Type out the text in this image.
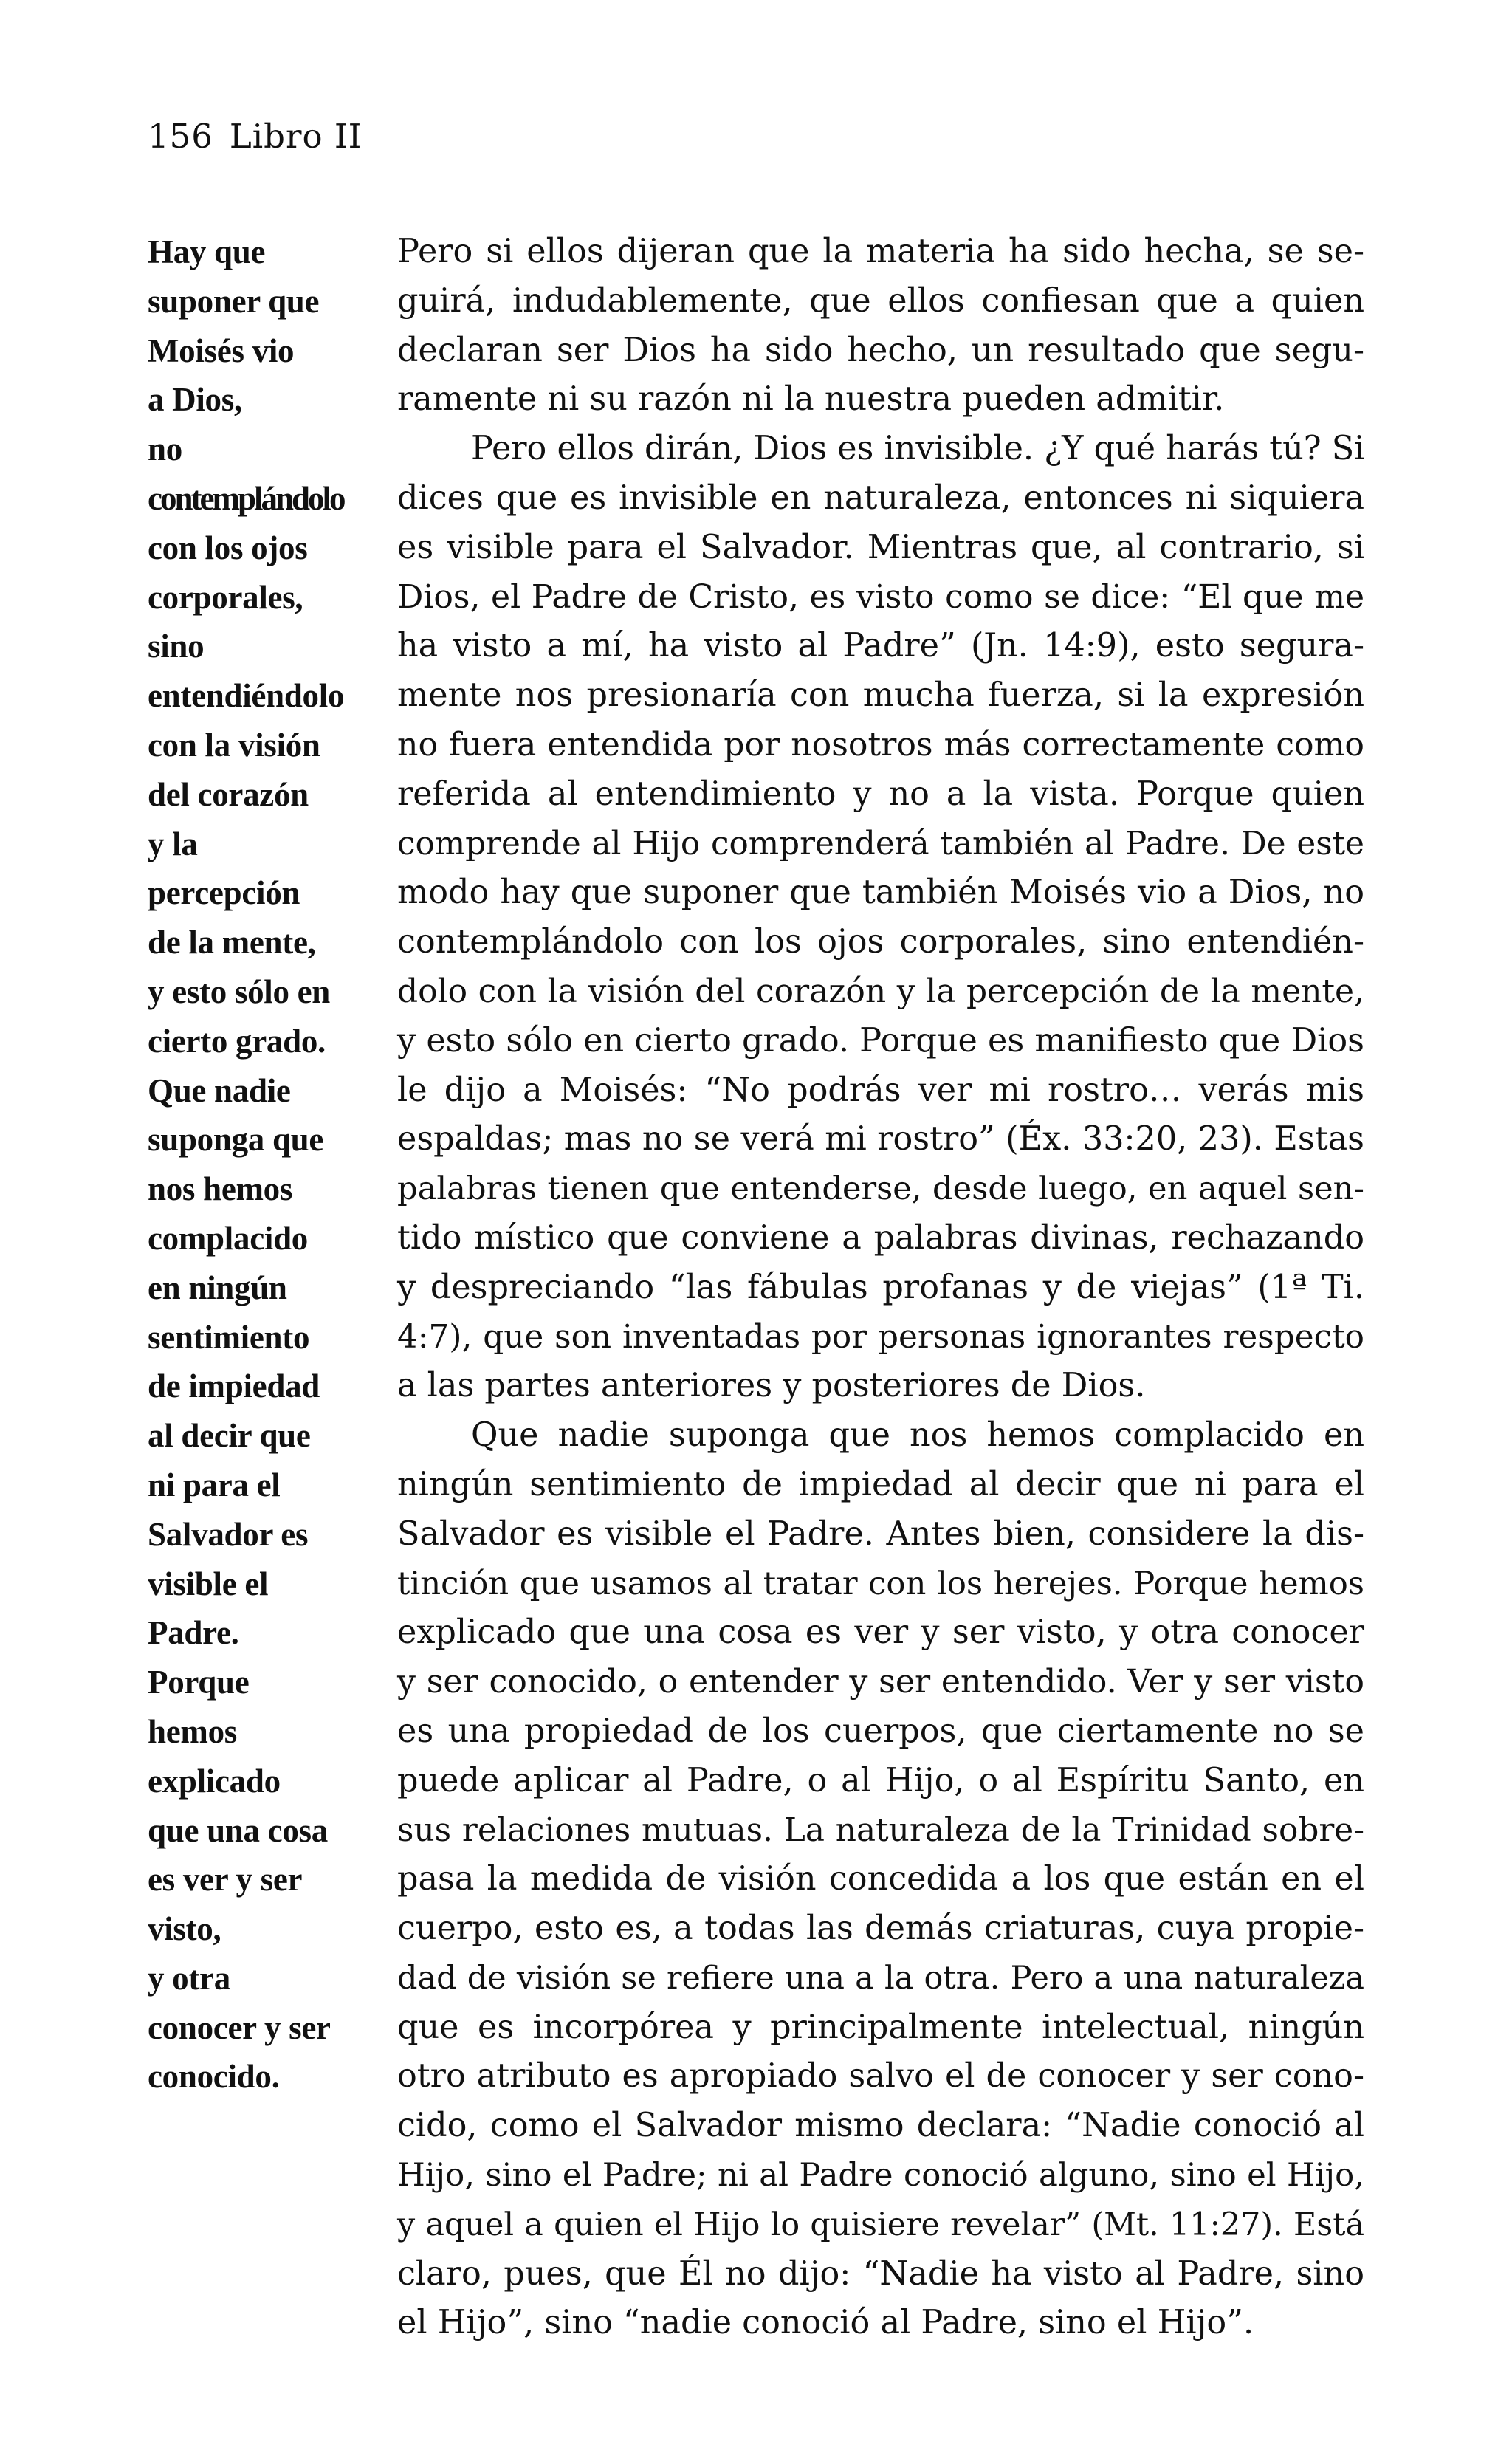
156 Libro II
Hay que
suponer que
Moisés vio
a Dios,
no
contemplándolo
con los ojos
corporales,
sino
entendiéndolo
con la visión
del corazón
y la
percepción
de la mente,
y esto sólo en
cierto grado.
Que nadie
suponga que
nos hemos
complacido
en ningún
sentimiento
de impiedad
al decir que
ni para el
Salvador es
visible el
Padre.
Porque
hemos
explicado
que una cosa
es ver y ser
visto,
y otra
conocer y ser
conocido.
Pero si ellos dijeran que la materia ha sido hecha, se se-
guirá, indudablemente, que ellos confiesan que a quien
declaran ser Dios ha sido hecho, un resultado que segu-
ramente ni su razón ni la nuestra pueden admitir.
Pero ellos dirán, Dios es invisible. ¿Y qué harás tú? Si
dices que es invisible en naturaleza, entonces ni siquiera
es visible para el Salvador. Mientras que, al contrario, si
Dios, el Padre de Cristo, es visto como se dice: “El que me
ha visto a mí, ha visto al Padre” (Jn. 14:9), esto segura-
mente nos presionaría con mucha fuerza, si la expresión
no fuera entendida por nosotros más correctamente como
referida al entendimiento y no a la vista. Porque quien
comprende al Hijo comprenderá también al Padre. De este
modo hay que suponer que también Moisés vio a Dios, no
contemplándolo con los ojos corporales, sino entendién-
dolo con la visión del corazón y la percepción de la mente,
y esto sólo en cierto grado. Porque es manifiesto que Dios
le dijo a Moisés: “No podrás ver mi rostro… verás mis
espaldas; mas no se verá mi rostro” (Éx. 33:20, 23). Estas
palabras tienen que entenderse, desde luego, en aquel sen-
tido místico que conviene a palabras divinas, rechazando
y despreciando “las fábulas profanas y de viejas” (1ª Ti.
4:7), que son inventadas por personas ignorantes respecto
a las partes anteriores y posteriores de Dios.
Que nadie suponga que nos hemos complacido en
ningún sentimiento de impiedad al decir que ni para el
Salvador es visible el Padre. Antes bien, considere la dis-
tinción que usamos al tratar con los herejes. Porque hemos
explicado que una cosa es ver y ser visto, y otra conocer
y ser conocido, o entender y ser entendido. Ver y ser visto
es una propiedad de los cuerpos, que ciertamente no se
puede aplicar al Padre, o al Hijo, o al Espíritu Santo, en
sus relaciones mutuas. La naturaleza de la Trinidad sobre-
pasa la medida de visión concedida a los que están en el
cuerpo, esto es, a todas las demás criaturas, cuya propie-
dad de visión se refiere una a la otra. Pero a una naturaleza
que es incorpórea y principalmente intelectual, ningún
otro atributo es apropiado salvo el de conocer y ser cono-
cido, como el Salvador mismo declara: “Nadie conoció al
Hijo, sino el Padre; ni al Padre conoció alguno, sino el Hijo,
y aquel a quien el Hijo lo quisiere revelar” (Mt. 11:27). Está
claro, pues, que Él no dijo: “Nadie ha visto al Padre, sino
el Hijo”, sino “nadie conoció al Padre, sino el Hijo”.
